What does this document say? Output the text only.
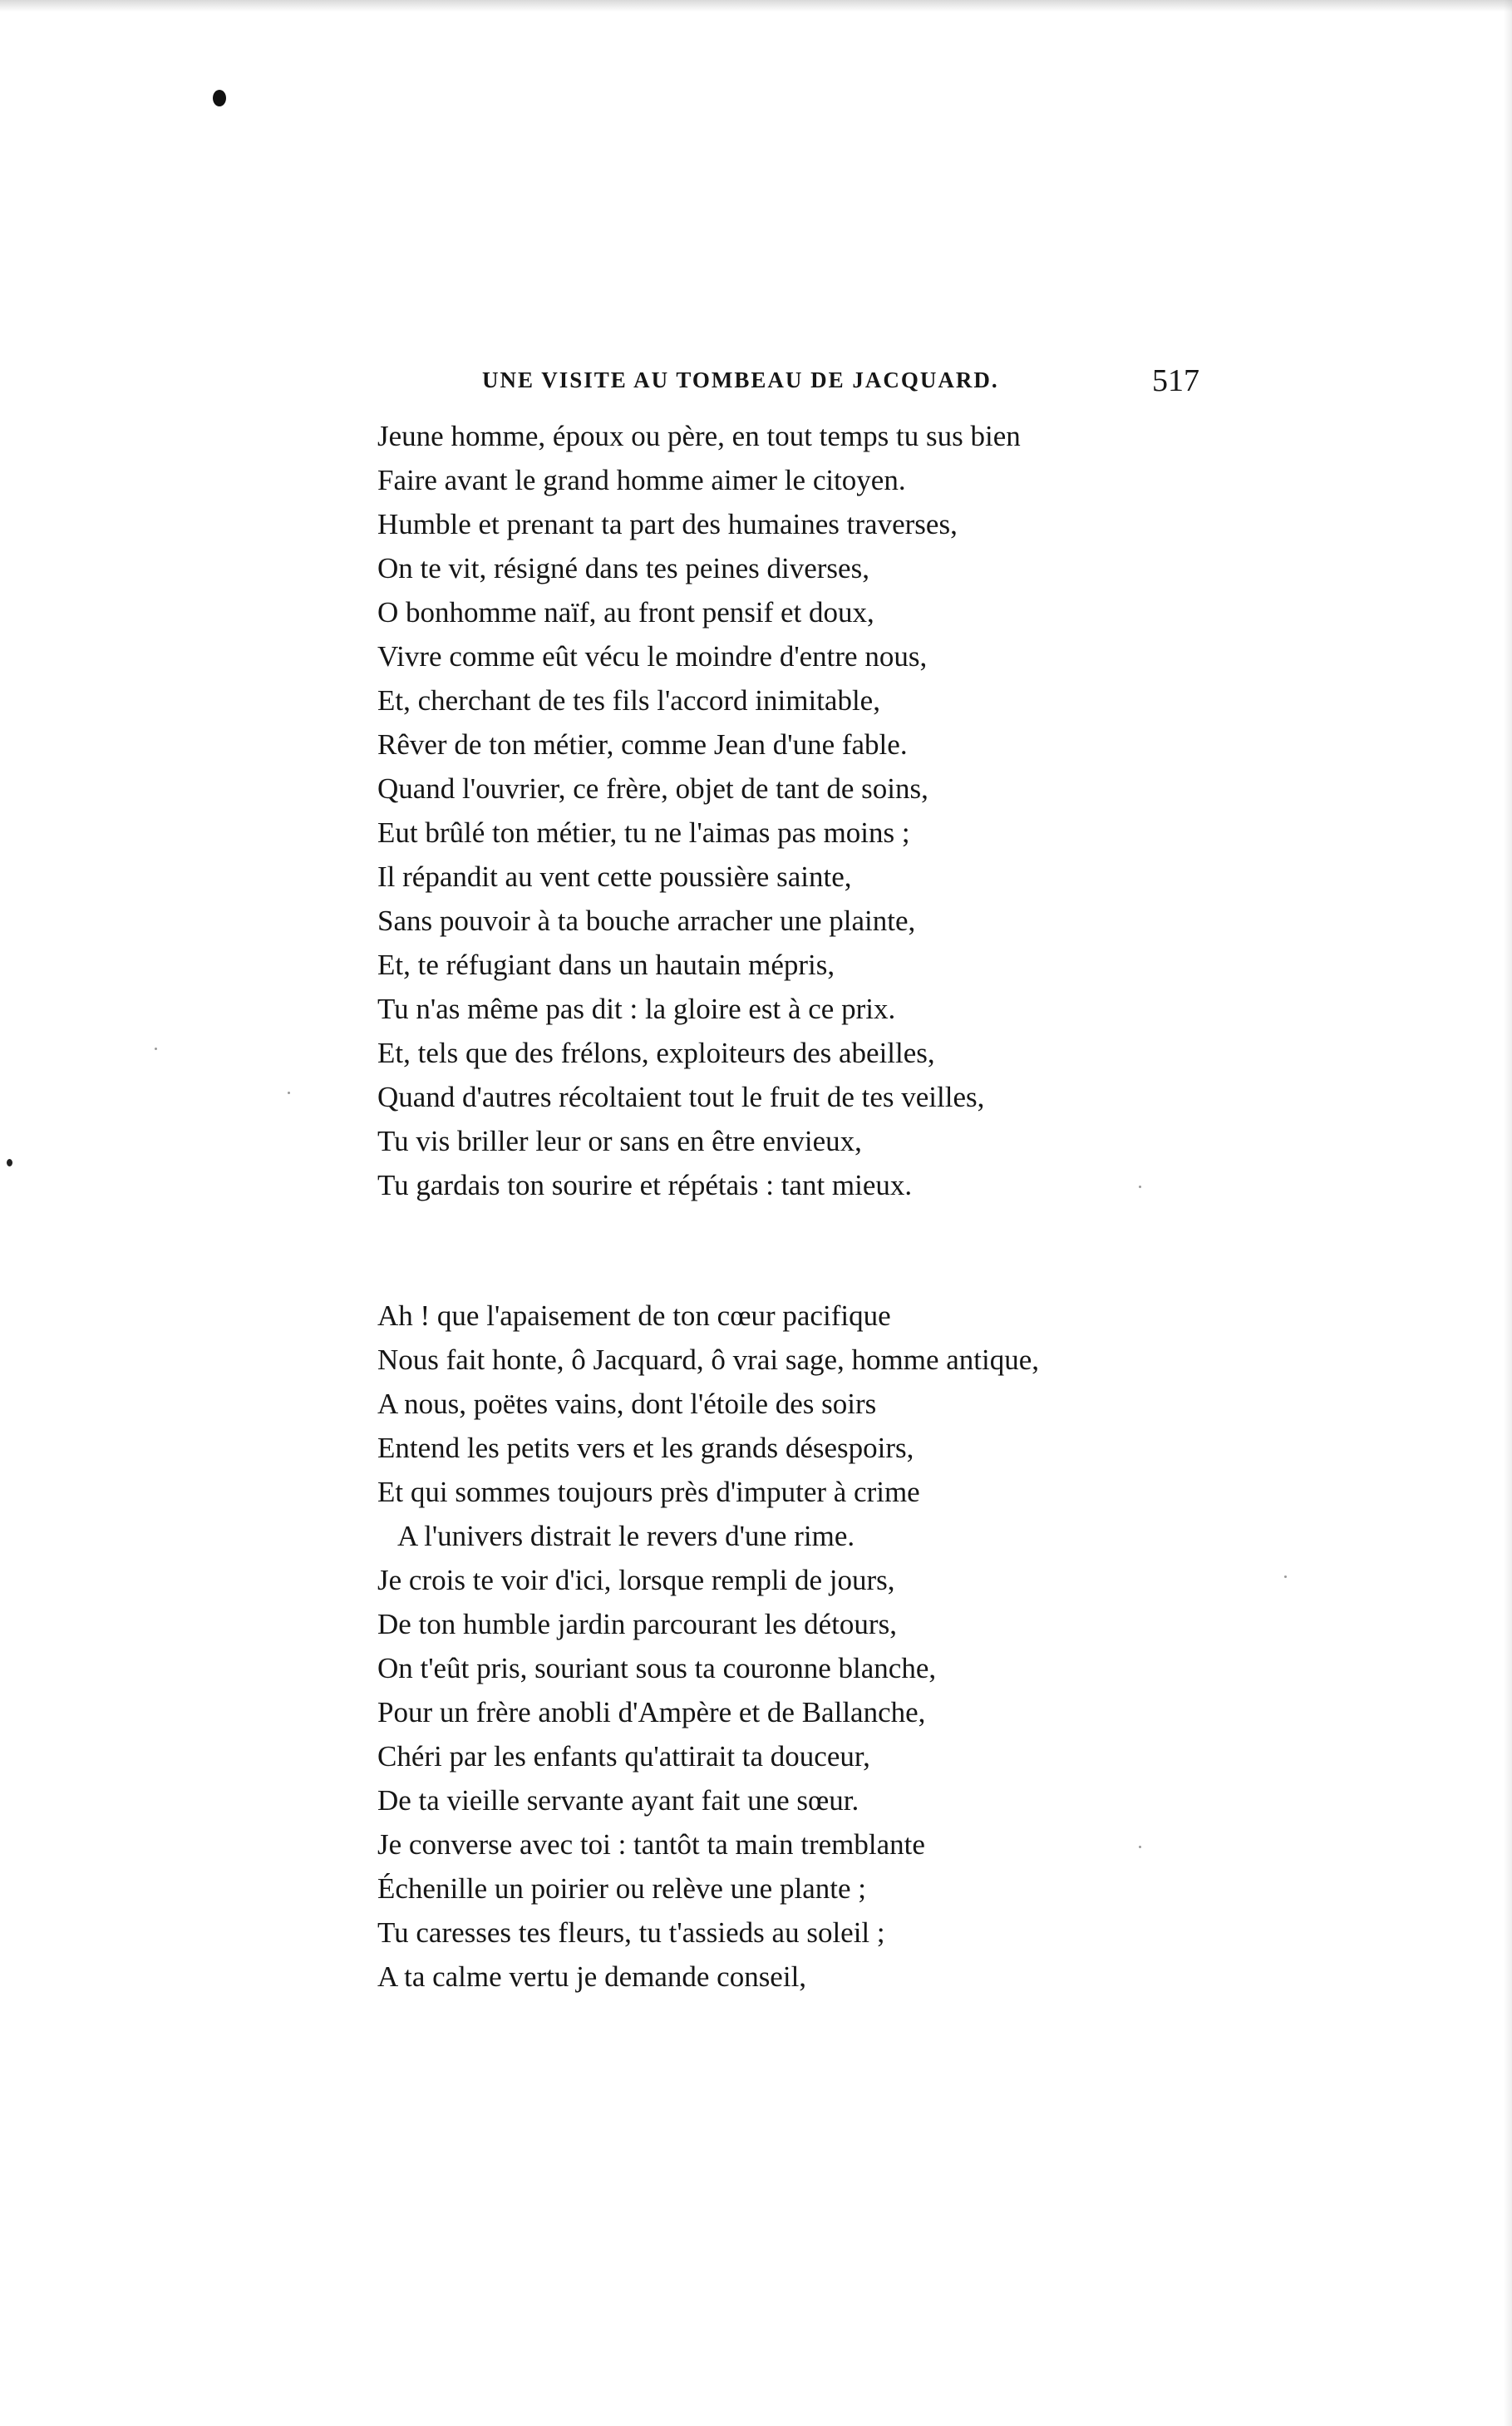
UNE VISITE AU TOMBEAU DE JACQUARD.	517
Jeune homme, époux ou père, en tout temps tu sus bien
Faire avant le grand homme aimer le citoyen.
Humble et prenant ta part des humaines traverses,
On te vit, résigné dans tes peines diverses,
O bonhomme naïf, au front pensif et doux,
Vivre comme eût vécu le moindre d'entre nous,
Et, cherchant de tes fils l'accord inimitable,
Rêver de ton métier, comme Jean d'une fable.
Quand l'ouvrier, ce frère, objet de tant de soins,
Eut brûlé ton métier, tu ne l'aimas pas moins ;
Il répandit au vent cette poussière sainte,
Sans pouvoir à ta bouche arracher une plainte,
Et, te réfugiant dans un hautain mépris,
Tu n'as même pas dit : la gloire est à ce prix.
Et, tels que des frélons, exploiteurs des abeilles,
Quand d'autres récoltaient tout le fruit de tes veilles,
Tu vis briller leur or sans en être envieux,
Tu gardais ton sourire et répétais : tant mieux.
Ah ! que l'apaisement de ton cœur pacifique
Nous fait honte, ô Jacquard, ô vrai sage, homme antique,
A nous, poëtes vains, dont l'étoile des soirs
Entend les petits vers et les grands désespoirs,
Et qui sommes toujours près d'imputer à crime
A l'univers distrait le revers d'une rime.
Je crois te voir d'ici, lorsque rempli de jours,
De ton humble jardin parcourant les détours,
On t'eût pris, souriant sous ta couronne blanche,
Pour un frère anobli d'Ampère et de Ballanche,
Chéri par les enfants qu'attirait ta douceur,
De ta vieille servante ayant fait une sœur.
Je converse avec toi : tantôt ta main tremblante
Échenille un poirier ou relève une plante ;
Tu caresses tes fleurs, tu t'assieds au soleil ;
A ta calme vertu je demande conseil,
